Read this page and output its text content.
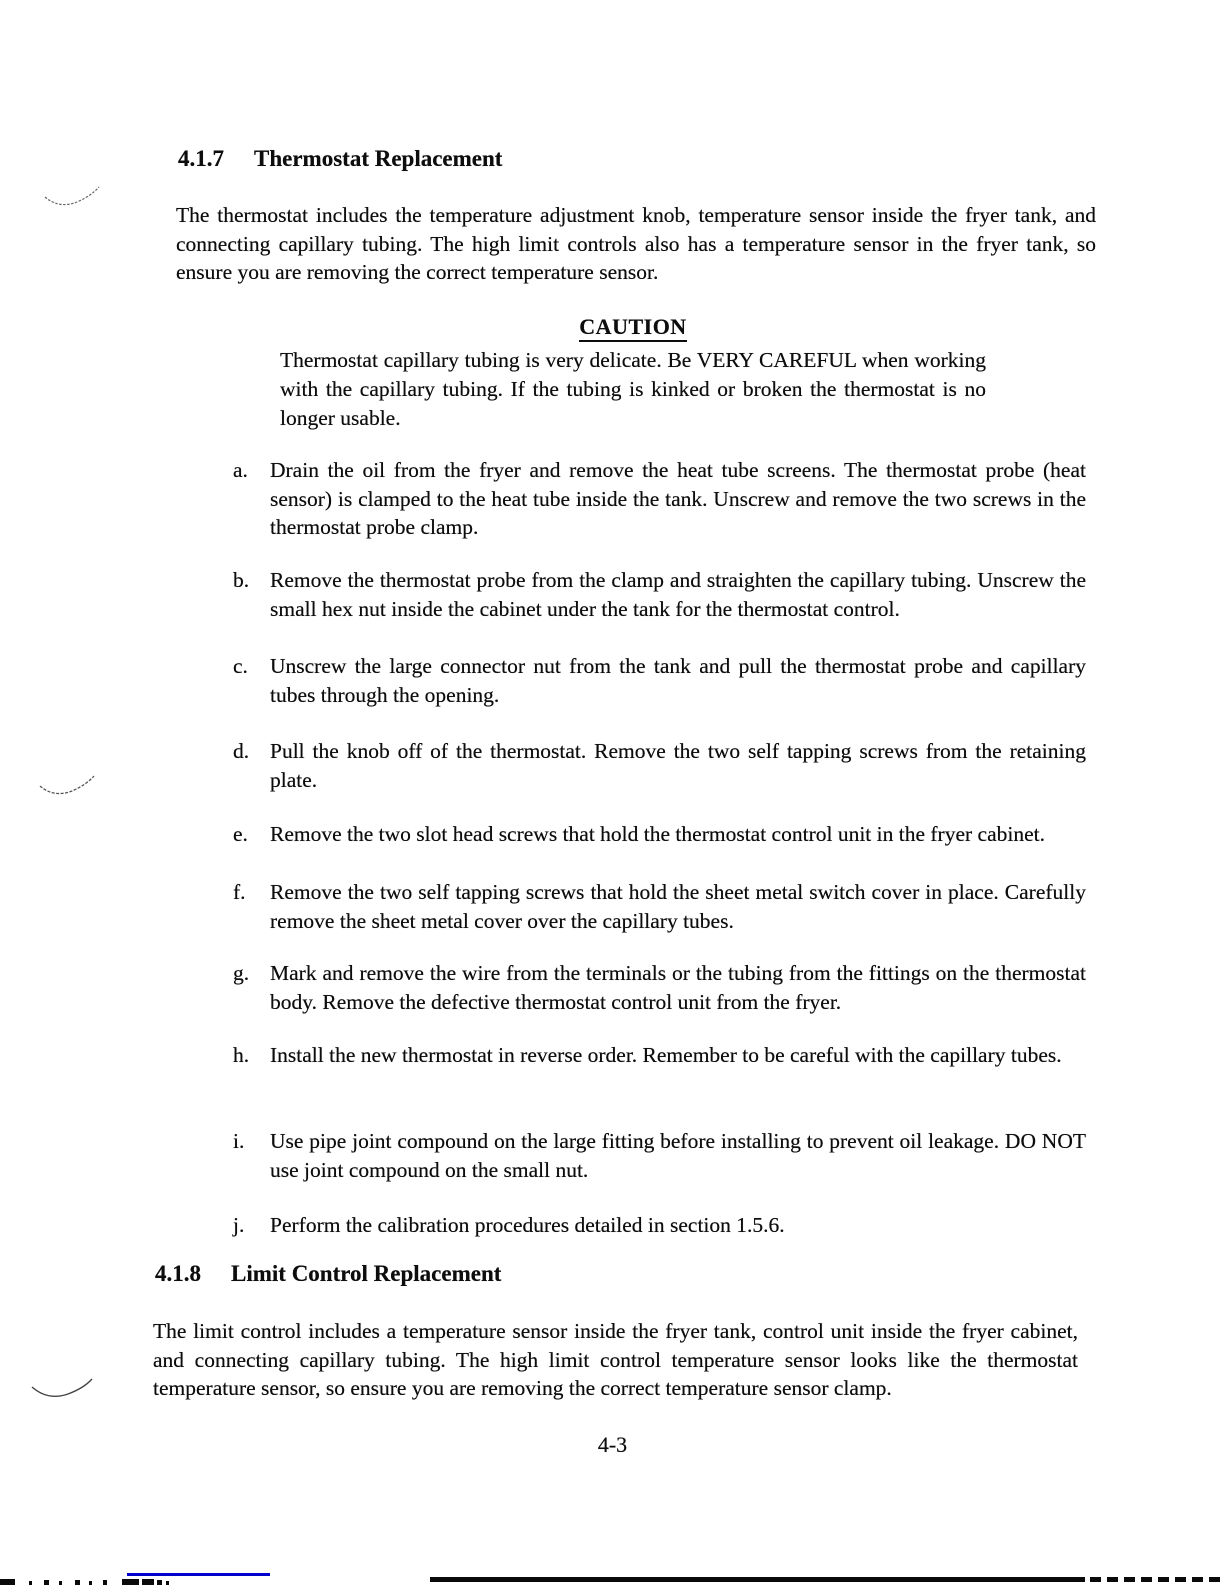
4.1.7 Thermostat Replacement
The thermostat includes the temperature adjustment knob, temperature sensor inside the fryer tank, and connecting capillary tubing. The high limit controls also has a temperature sensor in the fryer tank, so ensure you are removing the correct temperature sensor.
CAUTION
Thermostat capillary tubing is very delicate. Be VERY CAREFUL when working with the capillary tubing. If the tubing is kinked or broken the thermostat is no longer usable.
a.	Drain the oil from the fryer and remove the heat tube screens. The thermostat probe (heat sensor) is clamped to the heat tube inside the tank. Unscrew and remove the two screws in the thermostat probe clamp.
b. Remove the thermostat probe from the clamp and straighten the capillary tubing. Unscrew the small hex nut inside the cabinet under the tank for the thermostat control.
c.	Unscrew the large connector nut from the tank and pull the thermostat probe and capillary tubes through the opening.
d. Pull the knob off of the thermostat. Remove the two self tapping screws from the retaining plate.
e.	Remove the two slot head screws that hold the thermostat control unit in the fryer cabinet.
f.	Remove the two self tapping screws that hold the sheet metal switch cover in place. Carefully remove the sheet metal cover over the capillary tubes.
g. Mark and remove the wire from the terminals or the tubing from the fittings on the thermostat body. Remove the defective thermostat control unit from the fryer.
h. Install the new thermostat in reverse order. Remember to be careful with the capillary tubes.
i.	Use pipe joint compound on the large fitting before installing to prevent oil leakage. DO NOT use joint compound on the small nut.
j.	Perform the calibration procedures detailed in section 1.5.6.
4.1.8 Limit Control Replacement
The limit control includes a temperature sensor inside the fryer tank, control unit inside the fryer cabinet, and connecting capillary tubing. The high limit control temperature sensor looks like the thermostat temperature sensor, so ensure you are removing the correct temperature sensor clamp.
4-3
